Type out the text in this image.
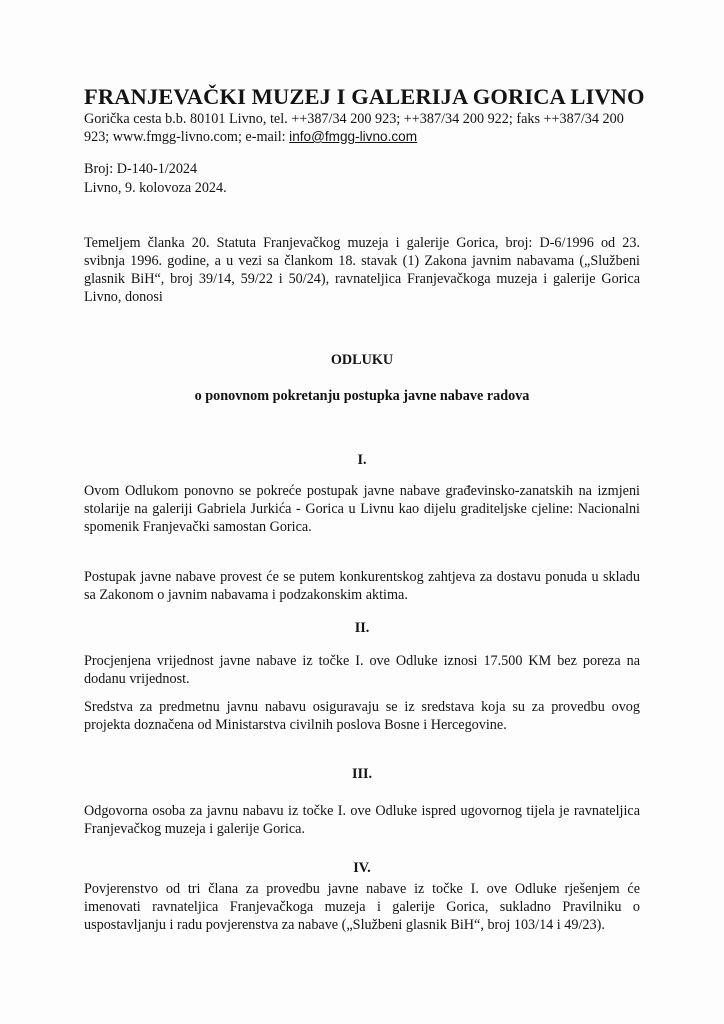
FRANJEVAČKI MUZEJ I GALERIJA GORICA LIVNO
Gorička cesta b.b. 80101 Livno, tel. ++387/34 200 923; ++387/34 200 922; faks ++387/34 200 923; www.fmgg-livno.com; e-mail: info@fmgg-livno.com
Broj: D-140-1/2024
Livno, 9. kolovoza 2024.
Temeljem članka 20. Statuta Franjevačkog muzeja i galerije Gorica, broj: D-6/1996 od 23. svibnja 1996. godine, a u vezi sa člankom 18. stavak (1) Zakona javnim nabavama („Službeni glasnik BiH“, broj 39/14, 59/22 i 50/24), ravnateljica Franjevačkoga muzeja i galerije Gorica Livno, donosi
ODLUKU
o ponovnom pokretanju postupka javne nabave radova
I.
Ovom Odlukom ponovno se pokreće postupak javne nabave građevinsko-zanatskih na izmjeni stolarije na galeriji Gabriela Jurkića - Gorica u Livnu kao dijelu graditeljske cjeline: Nacionalni spomenik Franjevački samostan Gorica.
Postupak javne nabave provest će se putem konkurentskog zahtjeva za dostavu ponuda u skladu sa Zakonom o javnim nabavama i podzakonskim aktima.
II.
Procjenjena vrijednost javne nabave iz točke I. ove Odluke iznosi 17.500 KM bez poreza na dodanu vrijednost.
Sredstva za predmetnu javnu nabavu osiguravaju se iz sredstava koja su za provedbu ovog projekta doznačena od Ministarstva civilnih poslova Bosne i Hercegovine.
III.
Odgovorna osoba za javnu nabavu iz točke I. ove Odluke ispred ugovornog tijela je ravnateljica Franjevačkog muzeja i galerije Gorica.
IV.
Povjerenstvo od tri člana za provedbu javne nabave iz točke I. ove Odluke rješenjem će imenovati ravnateljica Franjevačkoga muzeja i galerije Gorica, sukladno Pravilniku o uspostavljanju i radu povjerenstva za nabave („Službeni glasnik BiH“, broj 103/14 i 49/23).
